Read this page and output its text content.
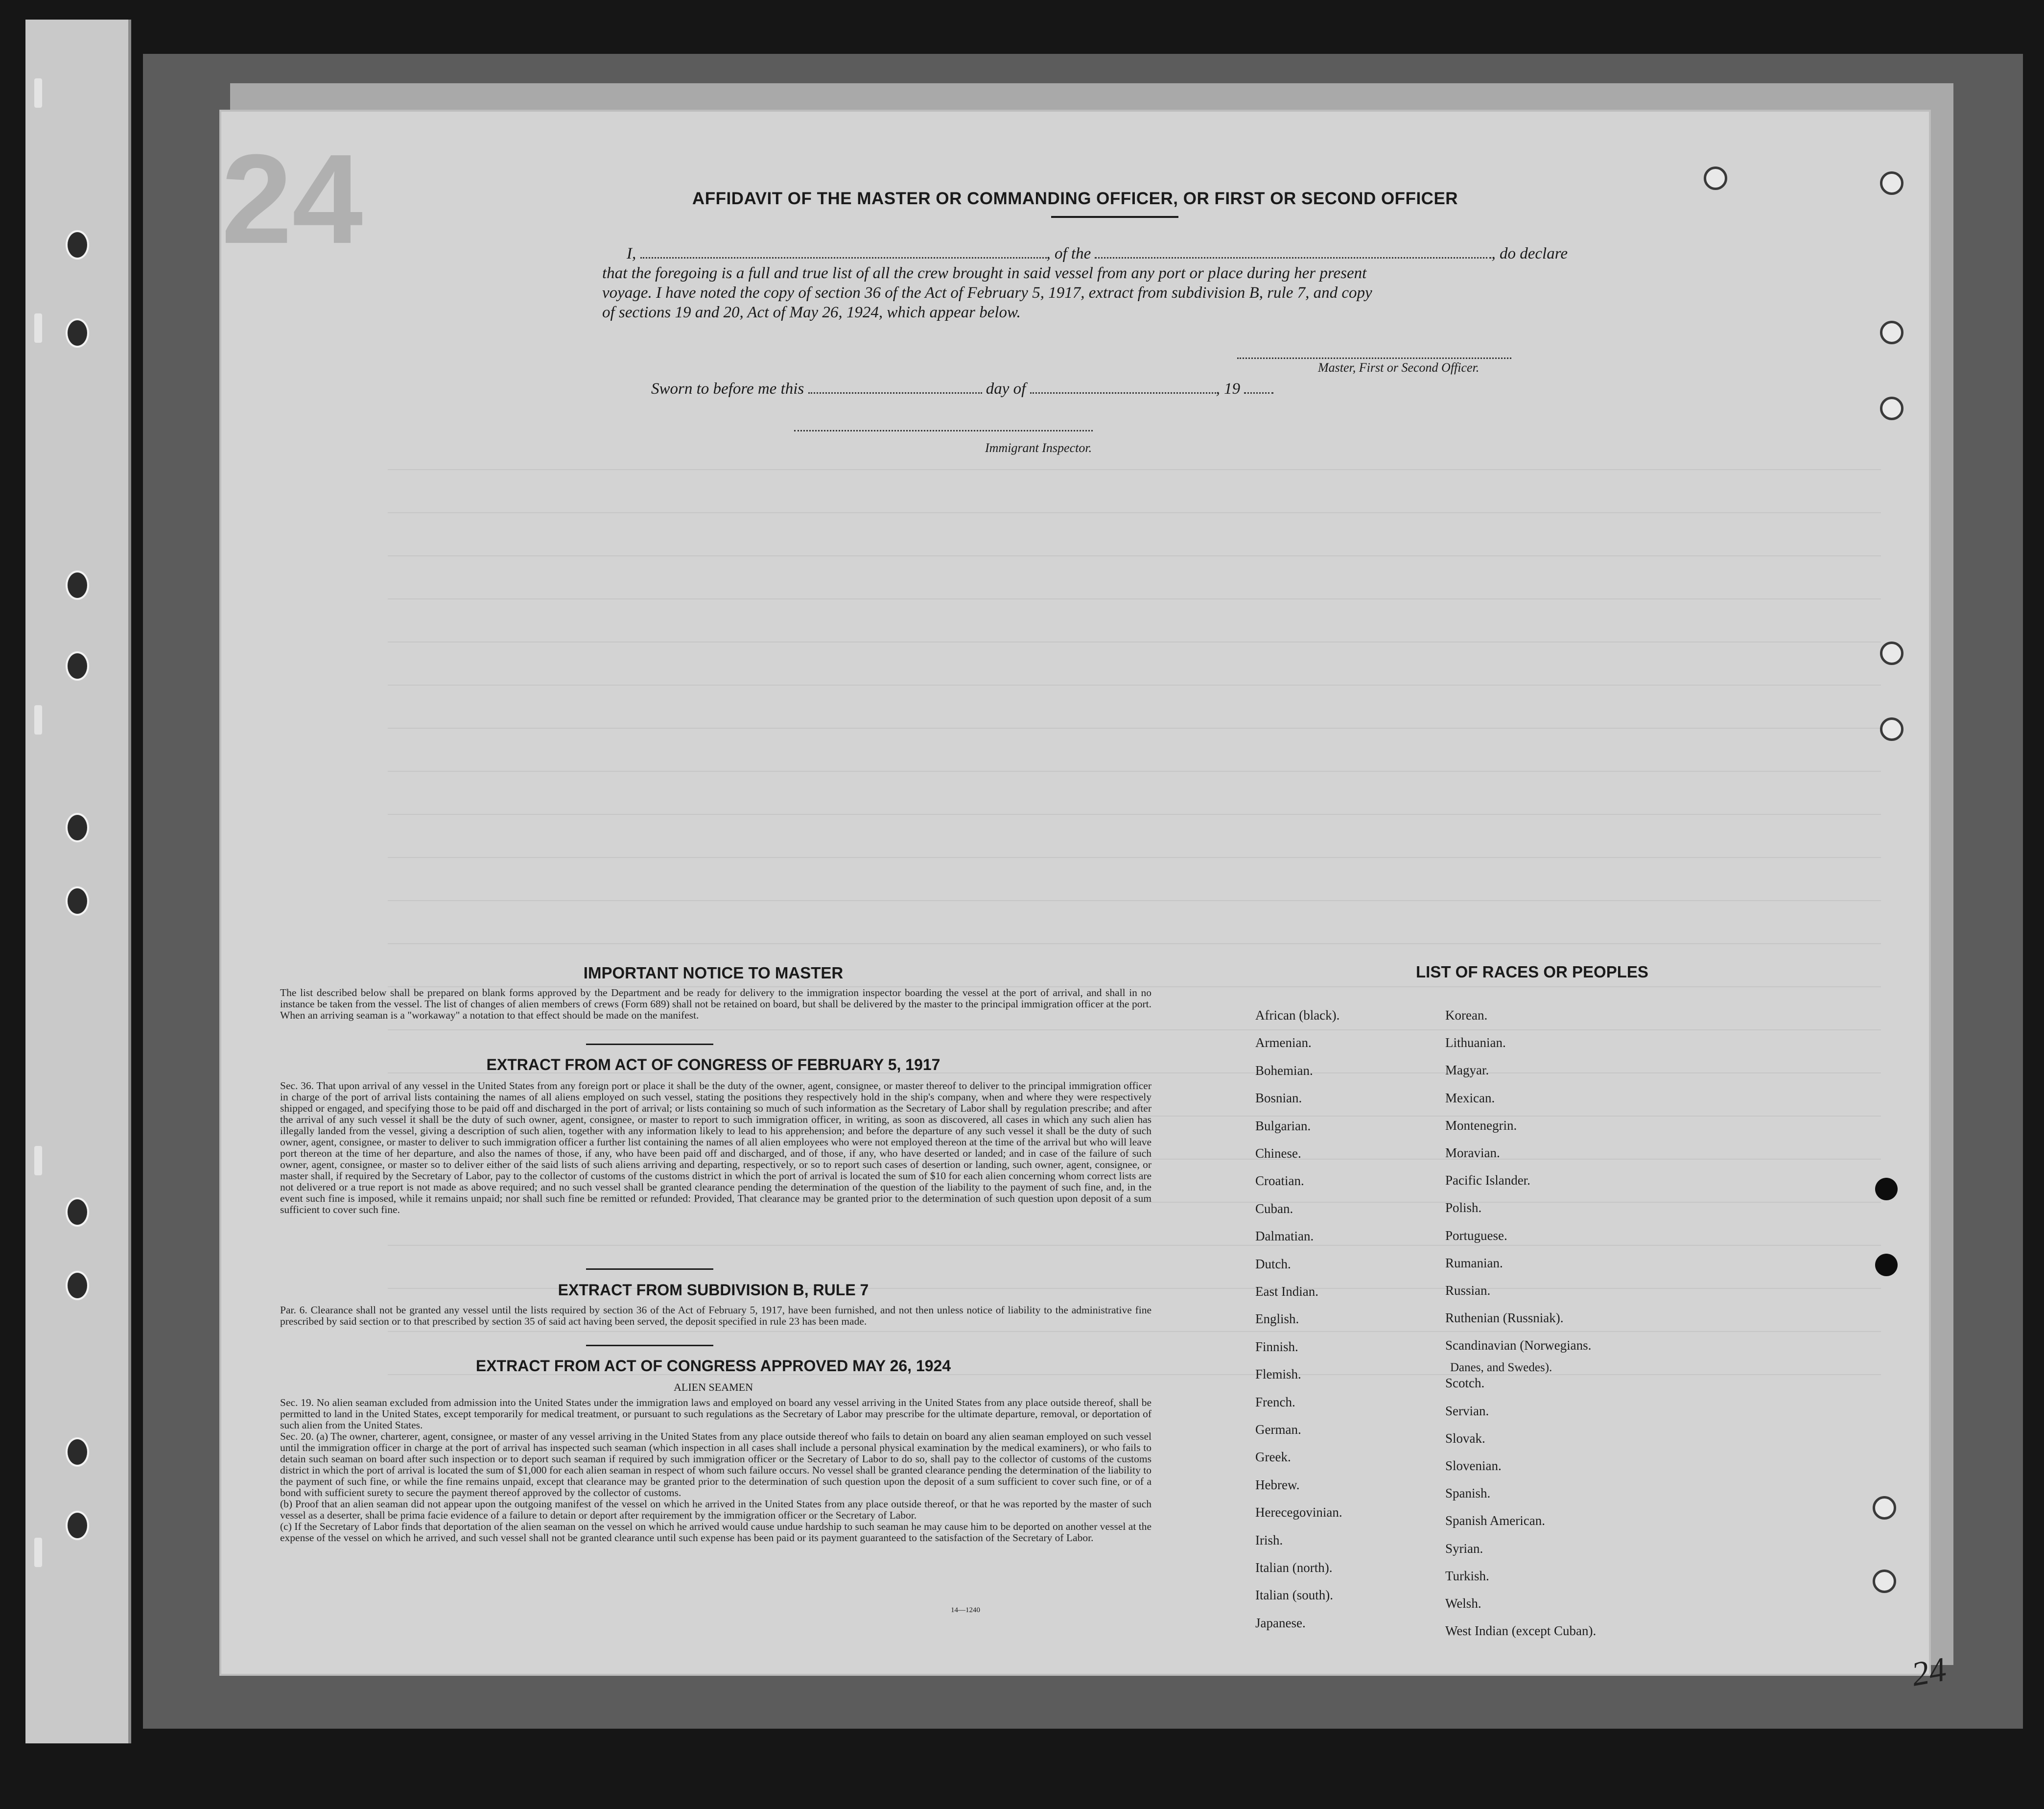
24	AFFIDAVIT OF THE MASTER OR COMMANDING OFFICER, OR FIRST OR SECOND OFFICER
I,	, of the	, do declare
that the foregoing is a full and true list of all the crew brought in said vessel from any port or place during her present
voyage. I have noted the copy of section 36 of the Act of February 5, 1917, extract from subdivision B, rule 7, and copy
of sections 19 and 20, Act of May 26, 1924, which appear below.
Master, First or Second Officer.
Sworn to before me this	day of	, 19
Immigrant Inspector.
IMPORTANT NOTICE TO MASTER
The list described below shall be prepared on blank forms approved by the Department and be ready for delivery to the immigration inspector boarding the vessel at the port of arrival, and shall in no instance be taken from the vessel. The list of changes of alien members of crews (Form 689) shall not be retained on board, but shall be delivered by the master to the principal immigration officer at the port. When an arriving seaman is a "workaway" a notation to that effect should be made on the manifest.
EXTRACT FROM ACT OF CONGRESS OF FEBRUARY 5, 1917
Sec. 36. That upon arrival of any vessel in the United States from any foreign port or place it shall be the duty of the owner, agent, consignee, or master thereof to deliver to the principal immigration officer in charge of the port of arrival lists containing the names of all aliens employed on such vessel, stating the positions they respectively hold in the ship's company, when and where they were respectively shipped or engaged, and specifying those to be paid off and discharged in the port of arrival; or lists containing so much of such information as the Secretary of Labor shall by regulation prescribe; and after the arrival of any such vessel it shall be the duty of such owner, agent, consignee, or master to report to such immigration officer, in writing, as soon as discovered, all cases in which any such alien has illegally landed from the vessel, giving a description of such alien, together with any information likely to lead to his apprehension; and before the departure of any such vessel it shall be the duty of such owner, agent, consignee, or master to deliver to such immigration officer a further list containing the names of all alien employees who were not employed thereon at the time of the arrival but who will leave port thereon at the time of her departure, and also the names of those, if any, who have been paid off and discharged, and of those, if any, who have deserted or landed; and in case of the failure of such owner, agent, consignee, or master so to deliver either of the said lists of such aliens arriving and departing, respectively, or so to report such cases of desertion or landing, such owner, agent, consignee, or master shall, if required by the Secretary of Labor, pay to the collector of customs of the customs district in which the port of arrival is located the sum of $10 for each alien concerning whom correct lists are not delivered or a true report is not made as above required; and no such vessel shall be granted clearance pending the determination of the question of the liability to the payment of such fine, and, in the event such fine is imposed, while it remains unpaid; nor shall such fine be remitted or refunded: Provided, That clearance may be granted prior to the determination of such question upon deposit of a sum sufficient to cover such fine.
EXTRACT FROM SUBDIVISION B, RULE 7
Par. 6. Clearance shall not be granted any vessel until the lists required by section 36 of the Act of February 5, 1917, have been furnished, and not then unless notice of liability to the administrative fine prescribed by said section or to that prescribed by section 35 of said act having been served, the deposit specified in rule 23 has been made.
EXTRACT FROM ACT OF CONGRESS APPROVED MAY 26, 1924
ALIEN SEAMEN
Sec. 19. No alien seaman excluded from admission into the United States under the immigration laws and employed on board any vessel arriving in the United States from any place outside thereof, shall be permitted to land in the United States, except temporarily for medical treatment, or pursuant to such regulations as the Secretary of Labor may prescribe for the ultimate departure, removal, or deportation of such alien from the United States.
Sec. 20. (a) The owner, charterer, agent, consignee, or master of any vessel arriving in the United States from any place outside thereof who fails to detain on board any alien seaman employed on such vessel until the immigration officer in charge at the port of arrival has inspected such seaman (which inspection in all cases shall include a personal physical examination by the medical examiners), or who fails to detain such seaman on board after such inspection or to deport such seaman if required by such immigration officer or the Secretary of Labor to do so, shall pay to the collector of customs of the customs district in which the port of arrival is located the sum of $1,000 for each alien seaman in respect of whom such failure occurs. No vessel shall be granted clearance pending the determination of the liability to the payment of such fine, or while the fine remains unpaid, except that clearance may be granted prior to the determination of such question upon the deposit of a sum sufficient to cover such fine, or of a bond with sufficient surety to secure the payment thereof approved by the collector of customs.
(b) Proof that an alien seaman did not appear upon the outgoing manifest of the vessel on which he arrived in the United States from any place outside thereof, or that he was reported by the master of such vessel as a deserter, shall be prima facie evidence of a failure to detain or deport after requirement by the immigration officer or the Secretary of Labor.
(c) If the Secretary of Labor finds that deportation of the alien seaman on the vessel on which he arrived would cause undue hardship to such seaman he may cause him to be deported on another vessel at the expense of the vessel on which he arrived, and such vessel shall not be granted clearance until such expense has been paid or its payment guaranteed to the satisfaction of the Secretary of Labor.
14—1240
LIST OF RACES OR PEOPLES
African (black).
Armenian.
Bohemian.
Bosnian.
Bulgarian.
Chinese.
Croatian.
Cuban.
Dalmatian.
Dutch.
East Indian.
English.
Finnish.
Flemish.
French.
German.
Greek.
Hebrew.
Herecegovinian.
Irish.
Italian (north).
Italian (south).
Japanese.
Korean.
Lithuanian.
Magyar.
Mexican.
Montenegrin.
Moravian.
Pacific Islander.
Polish.
Portuguese.
Rumanian.
Russian.
Ruthenian (Russniak).
Scandinavian (Norwegians.
Danes, and Swedes).
Scotch.
Servian.
Slovak.
Slovenian.
Spanish.
Spanish American.
Syrian.
Turkish.
Welsh.
West Indian (except Cuban).
24
